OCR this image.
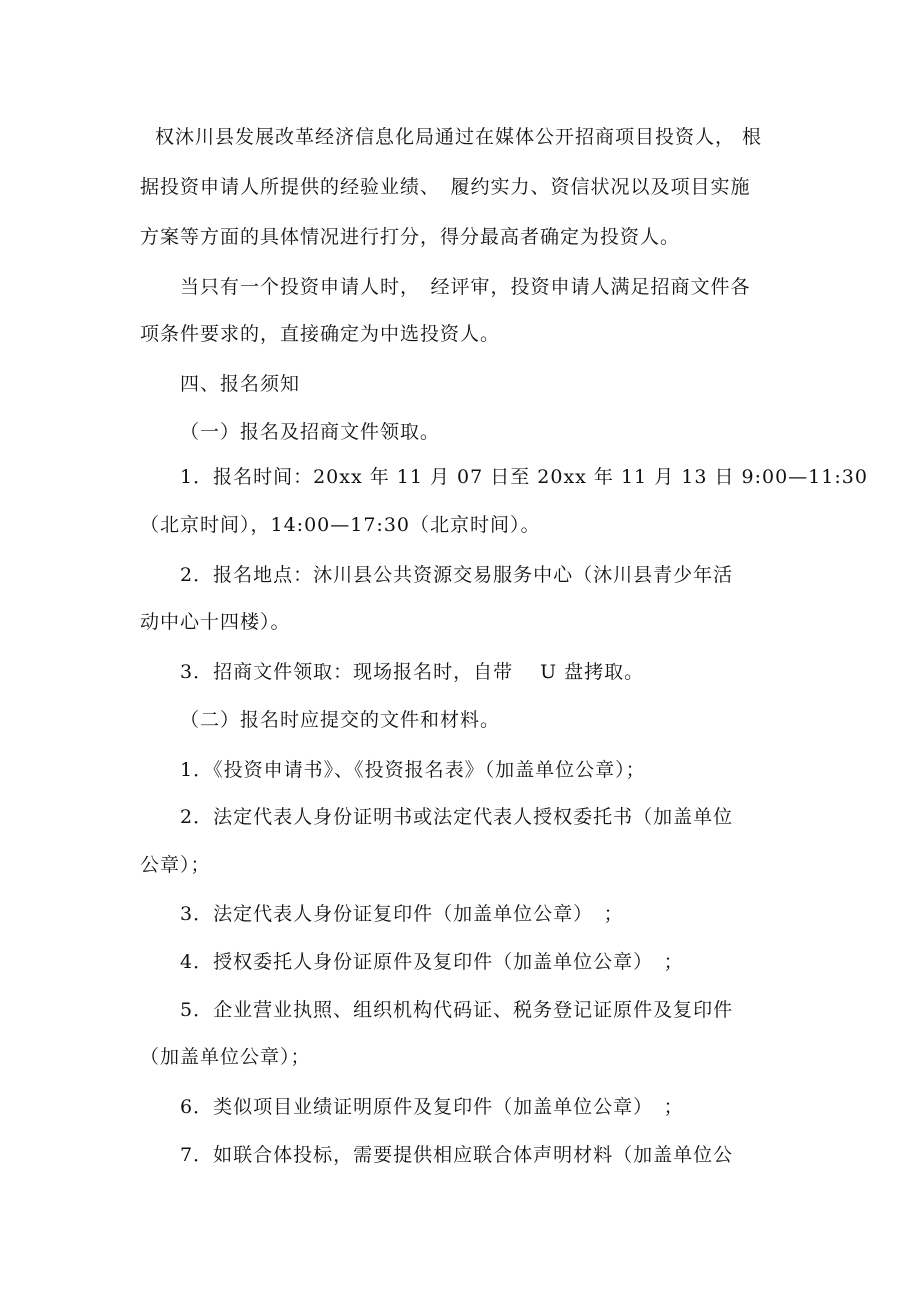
权沐川县发展改革经济信息化局通过在媒体公开招商项目投资人， 根
据投资申请人所提供的经验业绩、　履约实力、资信状况以及项目实施
方案等方面的具体情况进行打分，得分最高者确定为投资人。
当只有一个投资申请人时，　经评审，投资申请人满足招商文件各
项条件要求的，直接确定为中选投资人。
四、报名须知
（一）报名及招商文件领取。
1．报名时间：20xx 年 11 月 07 日至 20xx 年 11 月 13 日 9:00—11:30
（北京时间），14:00—17:30（北京时间）。
2．报名地点：沐川县公共资源交易服务中心（沐川县青少年活
动中心十四楼）。
3．招商文件领取：现场报名时，自带　 U 盘拷取。
（二）报名时应提交的文件和材料。
1．《投资申请书》、《投资报名表》（加盖单位公章）；
2．法定代表人身份证明书或法定代表人授权委托书（加盖单位
公章）；
3．法定代表人身份证复印件（加盖单位公章）　；
4．授权委托人身份证原件及复印件（加盖单位公章）　；
5．企业营业执照、组织机构代码证、税务登记证原件及复印件
（加盖单位公章）；
6．类似项目业绩证明原件及复印件（加盖单位公章）　；
7．如联合体投标，需要提供相应联合体声明材料（加盖单位公
